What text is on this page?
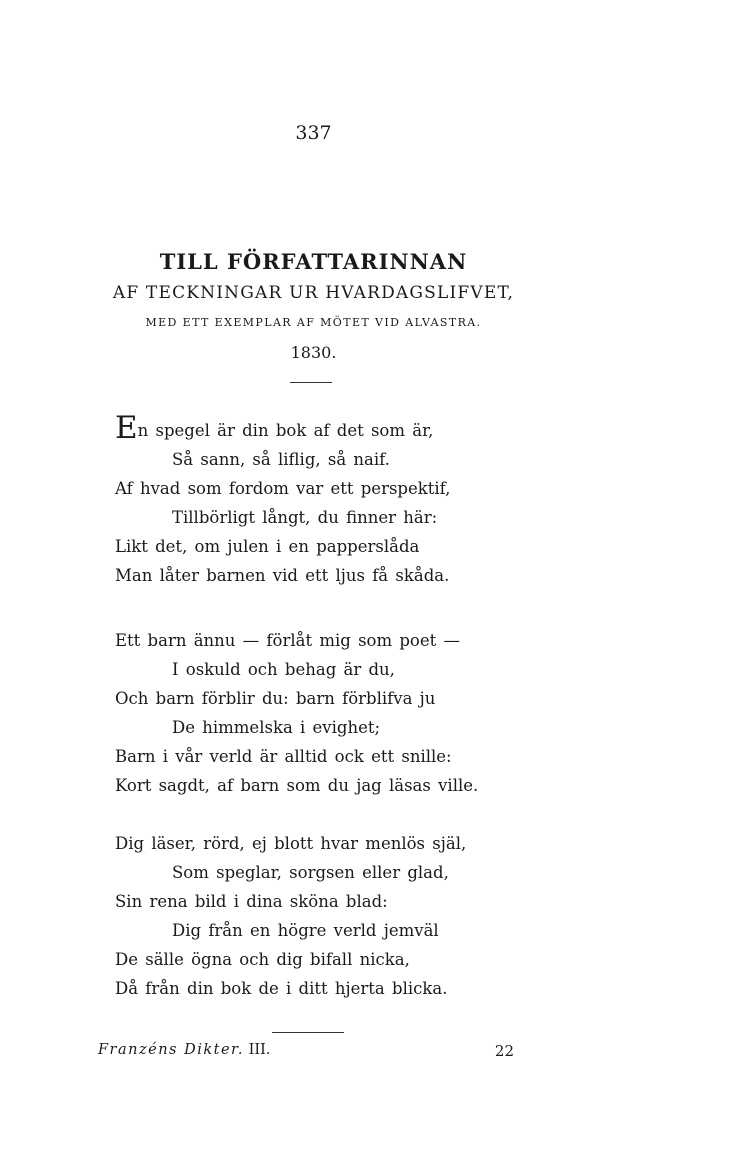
337
TILL FÖRFATTARINNAN
AF TECKNINGAR UR HVARDAGSLIFVET,
MED ETT EXEMPLAR AF MÖTET VID ALVASTRA.
1830.
En spegel är din bok af det som är,
Så sann, så liflig, så naif.
Af hvad som fordom var ett perspektif,
Tillbörligt långt, du finner här:
Likt det, om julen i en papperslåda
Man låter barnen vid ett ljus få skåda.
Ett barn ännu — förlåt mig som poet —
I oskuld och behag är du,
Och barn förblir du: barn förblifva ju
De himmelska i evighet;
Barn i vår verld är alltid ock ett snille:
Kort sagdt, af barn som du jag läsas ville.
Dig läser, rörd, ej blott hvar menlös själ,
Som speglar, sorgsen eller glad,
Sin rena bild i dina sköna blad:
Dig från en högre verld jemväl
De sälle ögna och dig bifall nicka,
Då från din bok de i ditt hjerta blicka.
Franzéns Dikter. III.	22
